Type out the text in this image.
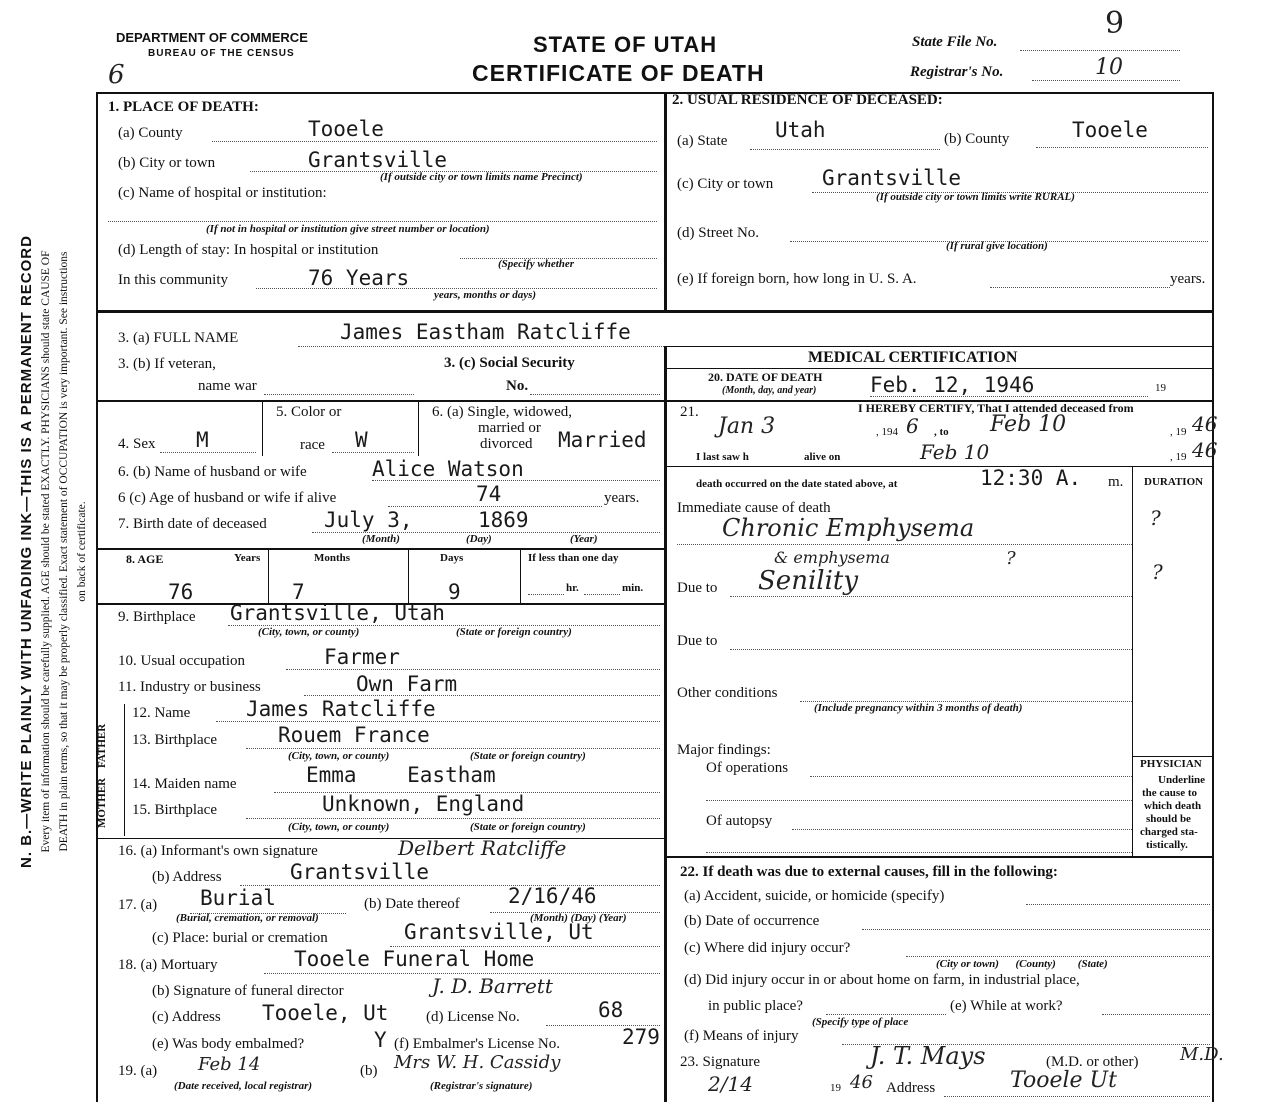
N. B.—WRITE PLAINLY WITH UNFADING INK—THIS IS A PERMANENT RECORD Every item of information should be carefully supplied. AGE should be stated EXACTLY. PHYSICIANS should state CAUSE OF DEATH in plain terms, so that it may be properly classified. Exact statement of OCCUPATION is very important. See instructions on back of certificate.
DEPARTMENT OF COMMERCE
BUREAU OF THE CENSUS
6
STATE OF UTAH
CERTIFICATE OF DEATH
State File No.
9
Registrar's No.	10
1. PLACE OF DEATH:
(a) County	Tooele
(b) City or town	Grantsville
(If outside city or town limits name Precinct)
(c) Name of hospital or institution:
(If not in hospital or institution give street number or location)
(d) Length of stay: In hospital or institution
(Specify whether
In this community	76 Years
years, months or days)
2. USUAL RESIDENCE OF DECEASED:
(a) State Utah	(b) County	Tooele
(c) City or town Grantsville
(If outside city or town limits write RURAL)
(d) Street No.
(If rural give location)
(e) If foreign born, how long in U. S. A.	years.
3. (a) FULL NAME	James Eastham Ratcliffe
3. (b) If veteran,
name war
3. (c) Social Security
No.
MEDICAL CERTIFICATION
20. DATE OF DEATH
(Month, day, and year)	Feb. 12, 1946	19
4. Sex M
5. Color or
race W
6. (a) Single, widowed,
married or
divorced Married
6. (b) Name of husband or wife	Alice Watson
6 (c) Age of husband or wife if alive	74	years.
7. Birth date of deceased	July 3,	1869
(Month)	(Day)	(Year)
8. AGE	Years	Months	Days	If less than one day
76	7	9	hr.	min.
9. Birthplace Grantsville, Utah
(City, town, or county)	(State or foreign country)
10. Usual occupation	Farmer
11. Industry or business	Own Farm
FATHER
MOTHER
12. Name	James Ratcliffe
13. Birthplace	Rouem France
(City, town, or county)	(State or foreign country)
14. Maiden name	Emma    Eastham
15. Birthplace	Unknown, England
(City, town, or county)	(State or foreign country)
16. (a) Informant's own signature	Delbert Ratcliffe
(b) Address	Grantsville
17. (a) Burial
(Burial, cremation, or removal)
(b) Date thereof 2/16/46
(Month) (Day) (Year)
(c) Place: burial or cremation	Grantsville, Ut
18. (a) Mortuary	Tooele Funeral Home
(b) Signature of funeral director	J. D. Barrett
(c) Address Tooele, Ut	(d) License No.	68
(e) Was body embalmed?	Y (f) Embalmer's License No.	279
19. (a) Feb 14
(Date received, local registrar)
(b) Mrs W. H. Cassidy
(Registrar's signature)
21.	I HEREBY CERTIFY, That I attended deceased from
Jan 3	, 194 6 , to Feb 10	, 19 46
I last saw h	alive on	Feb 10	, 19 46
death occurred on the date stated above, at	12:30 A. m. DURATION
Immediate cause of death
Chronic Emphysema	?
& emphysema	?
Due to Senility	?
Due to
Other conditions
(Include pregnancy within 3 months of death)
Major findings:
Of operations
Of autopsy
PHYSICIAN
Underline
the cause to
which death
should be
charged sta-
tistically.
22. If death was due to external causes, fill in the following:
(a) Accident, suicide, or homicide (specify)
(b) Date of occurrence
(c) Where did injury occur?
(City or town)      (County)        (State)
(d) Did injury occur in or about home on farm, in industrial place,
in public place?
(Specify type of place
(e) While at work?
(f) Means of injury
23. Signature	J. T. Mays	(M.D. or other) M.D.
2/14	19 46 Address	Tooele Ut
